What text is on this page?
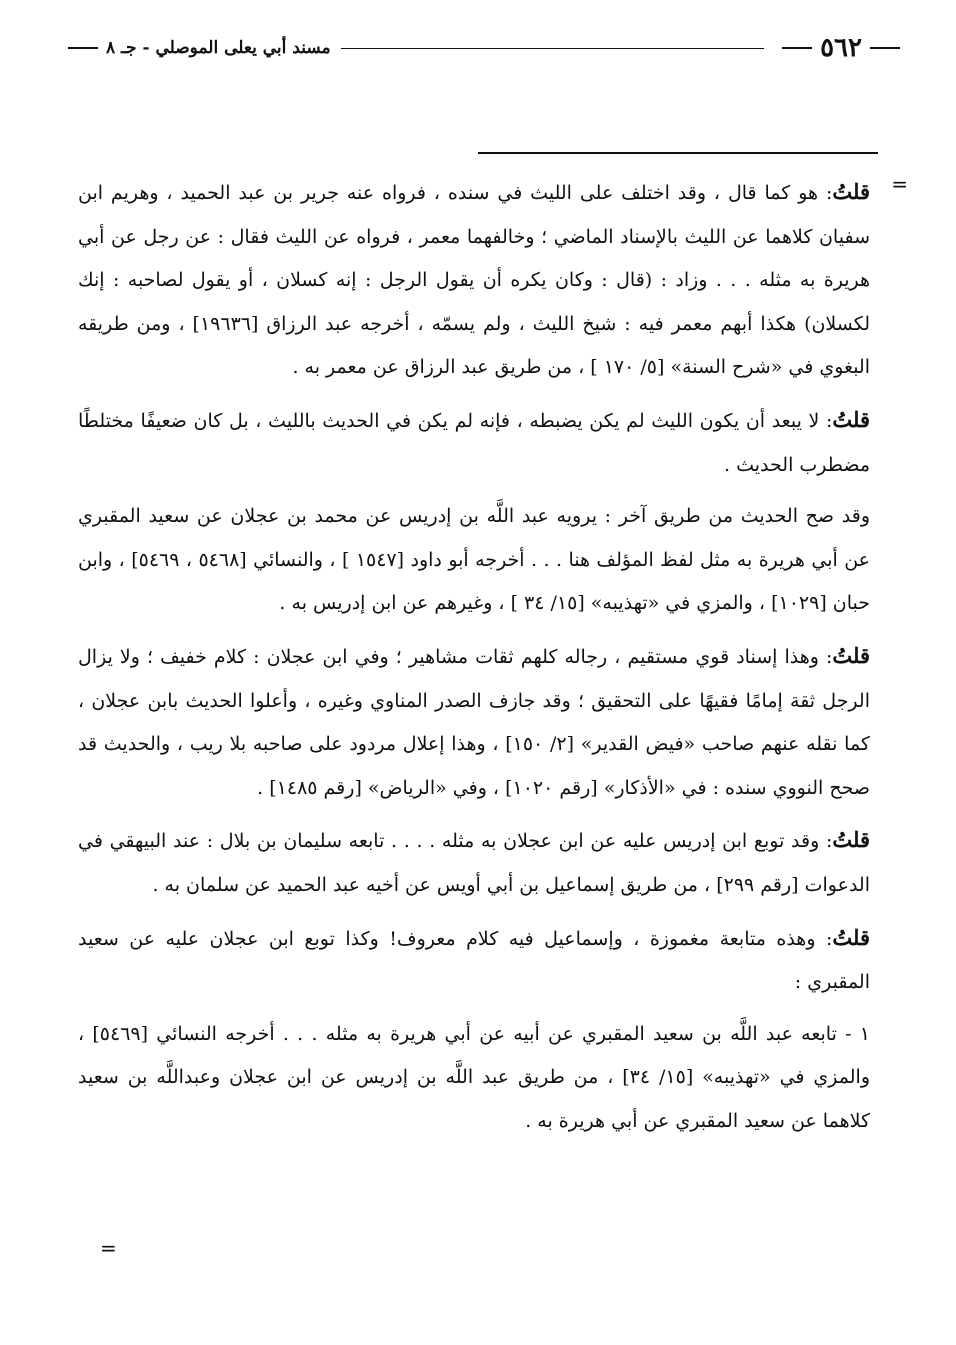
٥٦٢
مسند أبي يعلى الموصلي - جـ ٨
=

قلتُ: هو كما قال ، وقد اختلف على الليث في سنده ، فرواه عنه جرير بن عبد الحميد ، وهريم ابن سفيان كلاهما عن الليث بالإسناد الماضي ؛ وخالفهما معمر ، فرواه عن الليث فقال : عن رجل عن أبي هريرة به مثله . . . وزاد : (قال : وكان يكره أن يقول الرجل : إنه كسلان ، أو يقول لصاحبه : إنك لكسلان) هكذا أبهم معمر فيه : شيخ الليث ، ولم يسمّه ، أخرجه عبد الرزاق [١٩٦٣٦] ، ومن طريقه البغوي في «شرح السنة» [٥/ ١٧٠ ] ، من طريق عبد الرزاق عن معمر به .

قلتُ: لا يبعد أن يكون الليث لم يكن يضبطه ، فإنه لم يكن في الحديث بالليث ، بل كان ضعيفًا مختلطًا مضطرب الحديث .

وقد صح الحديث من طريق آخر : يرويه عبد اللَّه بن إدريس عن محمد بن عجلان عن سعيد المقبري عن أبي هريرة به مثل لفظ المؤلف هنا . . . أخرجه أبو داود [١٥٤٧ ] ، والنسائي [٥٤٦٨ ، ٥٤٦٩] ، وابن حبان [١٠٢٩] ، والمزي في «تهذيبه» [١٥/ ٣٤ ] ، وغيرهم عن ابن إدريس به .

قلتُ: وهذا إسناد قوي مستقيم ، رجاله كلهم ثقات مشاهير ؛ وفي ابن عجلان : كلام خفيف ؛ ولا يزال الرجل ثقة إمامًا فقيهًا على التحقيق ؛ وقد جازف الصدر المناوي وغيره ، وأعلوا الحديث بابن عجلان ، كما نقله عنهم صاحب «فيض القدير» [٢/ ١٥٠] ، وهذا إعلال مردود على صاحبه بلا ريب ، والحديث قد صحح النووي سنده : في «الأذكار» [رقم ١٠٢٠] ، وفي «الرياض» [رقم ١٤٨٥] .

قلتُ: وقد توبع ابن إدريس عليه عن ابن عجلان به مثله . . . . تابعه سليمان بن بلال : عند البيهقي في الدعوات [رقم ٢٩٩] ، من طريق إسماعيل بن أبي أويس عن أخيه عبد الحميد عن سلمان به .

قلتُ: وهذه متابعة مغموزة ، وإسماعيل فيه كلام معروف! وكذا توبع ابن عجلان عليه عن سعيد المقبري :

١ - تابعه عبد اللَّه بن سعيد المقبري عن أبيه عن أبي هريرة به مثله . . . أخرجه النسائي [٥٤٦٩] ، والمزي في «تهذيبه» [١٥/ ٣٤] ، من طريق عبد اللَّه بن إدريس عن ابن عجلان وعبداللَّه بن سعيد كلاهما عن سعيد المقبري عن أبي هريرة به .

=
